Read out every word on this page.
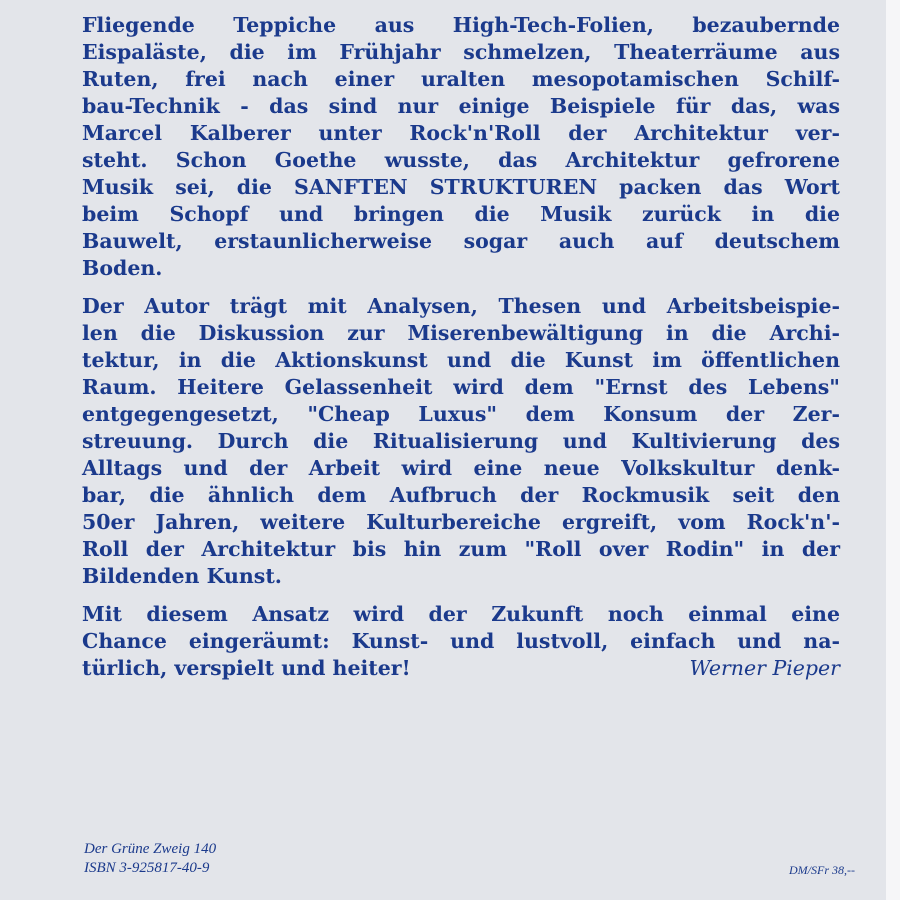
Fliegende Teppiche aus High-Tech-Folien, bezaubernde
Eispaläste, die im Frühjahr schmelzen, Theaterräume aus
Ruten, frei nach einer uralten mesopotamischen Schilf-
bau-Technik - das sind nur einige Beispiele für das, was
Marcel Kalberer unter Rock'n'Roll der Architektur ver-
steht. Schon Goethe wusste, das Architektur gefrorene
Musik sei, die SANFTEN STRUKTUREN packen das Wort
beim Schopf und bringen die Musik zurück in die
Bauwelt, erstaunlicherweise sogar auch auf deutschem
Boden.
Der Autor trägt mit Analysen, Thesen und Arbeitsbeispie-
len die Diskussion zur Miserenbewältigung in die Archi-
tektur, in die Aktionskunst und die Kunst im öffentlichen
Raum. Heitere Gelassenheit wird dem "Ernst des Lebens"
entgegengesetzt, "Cheap Luxus" dem Konsum der Zer-
streuung. Durch die Ritualisierung und Kultivierung des
Alltags und der Arbeit wird eine neue Volkskultur denk-
bar, die ähnlich dem Aufbruch der Rockmusik seit den
50er Jahren, weitere Kulturbereiche ergreift, vom Rock'n'-
Roll der Architektur bis hin zum "Roll over Rodin" in der
Bildenden Kunst.
Mit diesem Ansatz wird der Zukunft noch einmal eine
Chance eingeräumt: Kunst- und lustvoll, einfach und na-
türlich, verspielt und heiter!	Werner Pieper
Der Grüne Zweig 140
ISBN 3-925817-40-9	DM/SFr 38,--
